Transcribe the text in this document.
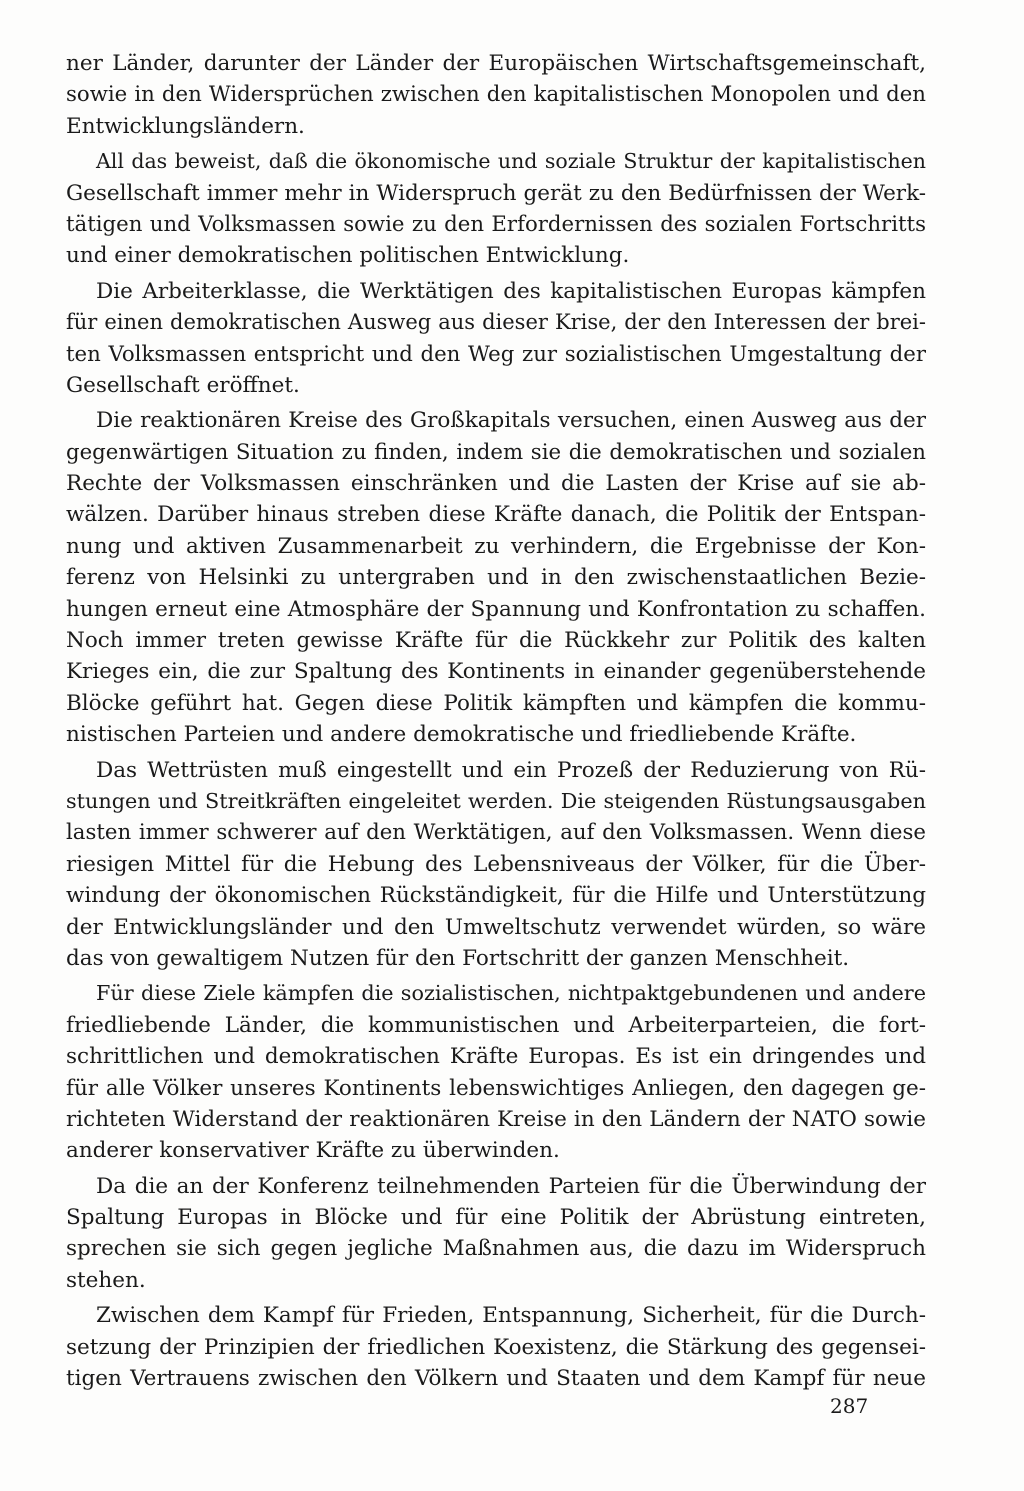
ner Länder, darunter der Länder der Europäischen Wirtschaftsgemeinschaft,
sowie in den Widersprüchen zwischen den kapitalistischen Monopolen und den
Entwicklungsländern.
All das beweist, daß die ökonomische und soziale Struktur der kapitalistischen
Gesellschaft immer mehr in Widerspruch gerät zu den Bedürfnissen der Werk-
tätigen und Volksmassen sowie zu den Erfordernissen des sozialen Fortschritts
und einer demokratischen politischen Entwicklung.
Die Arbeiterklasse, die Werktätigen des kapitalistischen Europas kämpfen
für einen demokratischen Ausweg aus dieser Krise, der den Interessen der brei-
ten Volksmassen entspricht und den Weg zur sozialistischen Umgestaltung der
Gesellschaft eröffnet.
Die reaktionären Kreise des Großkapitals versuchen, einen Ausweg aus der
gegenwärtigen Situation zu finden, indem sie die demokratischen und sozialen
Rechte der Volksmassen einschränken und die Lasten der Krise auf sie ab-
wälzen. Darüber hinaus streben diese Kräfte danach, die Politik der Entspan-
nung und aktiven Zusammenarbeit zu verhindern, die Ergebnisse der Kon-
ferenz von Helsinki zu untergraben und in den zwischenstaatlichen Bezie-
hungen erneut eine Atmosphäre der Spannung und Konfrontation zu schaffen.
Noch immer treten gewisse Kräfte für die Rückkehr zur Politik des kalten
Krieges ein, die zur Spaltung des Kontinents in einander gegenüberstehende
Blöcke geführt hat. Gegen diese Politik kämpften und kämpfen die kommu-
nistischen Parteien und andere demokratische und friedliebende Kräfte.
Das Wettrüsten muß eingestellt und ein Prozeß der Reduzierung von Rü-
stungen und Streitkräften eingeleitet werden. Die steigenden Rüstungsausgaben
lasten immer schwerer auf den Werktätigen, auf den Volksmassen. Wenn diese
riesigen Mittel für die Hebung des Lebensniveaus der Völker, für die Über-
windung der ökonomischen Rückständigkeit, für die Hilfe und Unterstützung
der Entwicklungsländer und den Umweltschutz verwendet würden, so wäre
das von gewaltigem Nutzen für den Fortschritt der ganzen Menschheit.
Für diese Ziele kämpfen die sozialistischen, nichtpaktgebundenen und andere
friedliebende Länder, die kommunistischen und Arbeiterparteien, die fort-
schrittlichen und demokratischen Kräfte Europas. Es ist ein dringendes und
für alle Völker unseres Kontinents lebenswichtiges Anliegen, den dagegen ge-
richteten Widerstand der reaktionären Kreise in den Ländern der NATO sowie
anderer konservativer Kräfte zu überwinden.
Da die an der Konferenz teilnehmenden Parteien für die Überwindung der
Spaltung Europas in Blöcke und für eine Politik der Abrüstung eintreten,
sprechen sie sich gegen jegliche Maßnahmen aus, die dazu im Widerspruch
stehen.
Zwischen dem Kampf für Frieden, Entspannung, Sicherheit, für die Durch-
setzung der Prinzipien der friedlichen Koexistenz, die Stärkung des gegensei-
tigen Vertrauens zwischen den Völkern und Staaten und dem Kampf für neue
287
